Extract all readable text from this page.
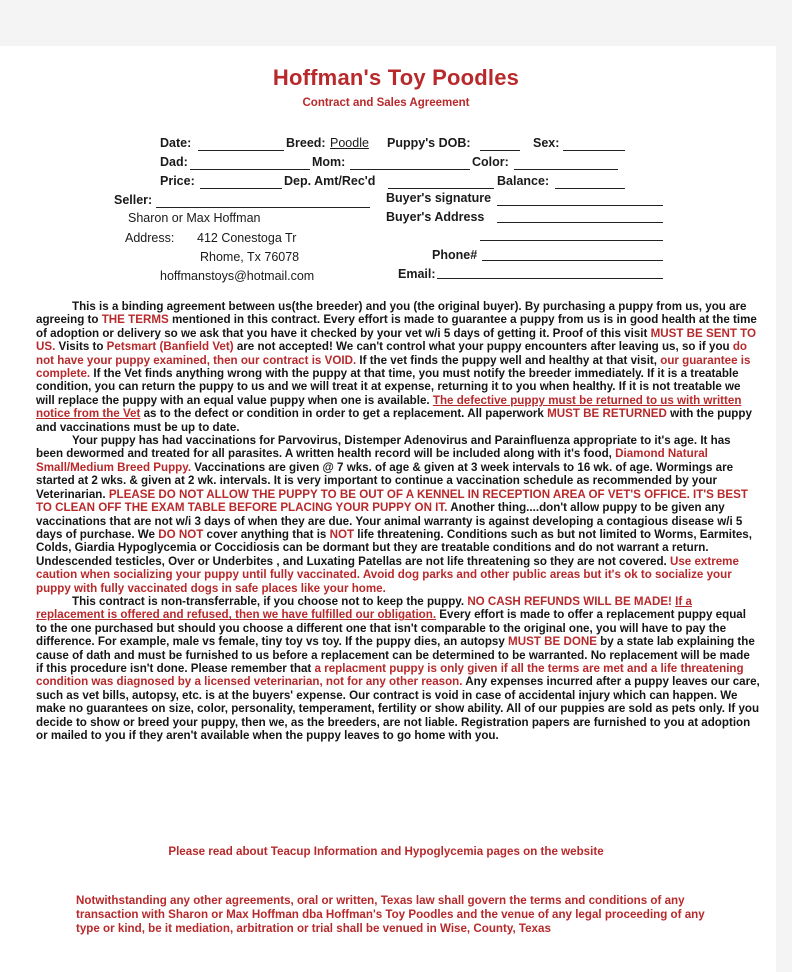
Hoffman's Toy Poodles
Contract and Sales Agreement
Date:	Breed: Poodle Puppy's DOB:	Sex:
Dad:	Mom:	Color:
Price:	Dep. Amt/Rec'd	Balance:
Seller:	Buyer's signature
Sharon or Max Hoffman	Buyer's Address
Address: 412 Conestoga Tr
Rhome, Tx 76078	Phone#
hoffmanstoys@hotmail.com	Email:

This is a binding agreement between us(the breeder) and you (the original buyer). By purchasing a puppy from us, you are agreeing to THE TERMS mentioned in this contract. Every effort is made to guarantee a puppy from us is in good health at the time of adoption or delivery so we ask that you have it checked by your vet w/i 5 days of getting it. Proof of this visit MUST BE SENT TO US. Visits to Petsmart (Banfield Vet) are not accepted! We can't control what your puppy encounters after leaving us, so if you do not have your puppy examined, then our contract is VOID. If the vet finds the puppy well and healthy at that visit, our guarantee is complete. If the Vet finds anything wrong with the puppy at that time, you must notify the breeder immediately. If it is a treatable condition, you can return the puppy to us and we will treat it at expense, returning it to you when healthy. If it is not treatable we will replace the puppy with an equal value puppy when one is available. The defective puppy must be returned to us with written notice from the Vet as to the defect or condition in order to get a replacement. All paperwork MUST BE RETURNED with the puppy and vaccinations must be up to date.

Your puppy has had vaccinations for Parvovirus, Distemper Adenovirus and Parainfluenza appropriate to it's age. It has been dewormed and treated for all parasites. A written health record will be included along with it's food, Diamond Natural Small/Medium Breed Puppy. Vaccinations are given @ 7 wks. of age & given at 3 week intervals to 16 wk. of age. Wormings are started at 2 wks. & given at 2 wk. intervals. It is very important to continue a vaccination schedule as recommended by your Veterinarian. PLEASE DO NOT ALLOW THE PUPPY TO BE OUT OF A KENNEL IN RECEPTION AREA OF VET'S OFFICE. IT'S BEST TO CLEAN OFF THE EXAM TABLE BEFORE PLACING YOUR PUPPY ON IT. Another thing....don't allow puppy to be given any vaccinations that are not w/i 3 days of when they are due. Your animal warranty is against developing a contagious disease w/i 5 days of purchase. We DO NOT cover anything that is NOT life threatening. Conditions such as but not limited to Worms, Earmites, Colds, Giardia Hypoglycemia or Coccidiosis can be dormant but they are treatable conditions and do not warrant a return. Undescended testicles, Over or Underbites , and Luxating Patellas are not life threatening so they are not covered. Use extreme caution when socializing your puppy until fully vaccinated. Avoid dog parks and other public areas but it's ok to socialize your puppy with fully vaccinated dogs in safe places like your home.

This contract is non-transferrable, if you choose not to keep the puppy. NO CASH REFUNDS WILL BE MADE! If a replacement is offered and refused, then we have fulfilled our obligation. Every effort is made to offer a replacement puppy equal to the one purchased but should you choose a different one that isn't comparable to the original one, you will have to pay the difference. For example, male vs female, tiny toy vs toy. If the puppy dies, an autopsy MUST BE DONE by a state lab explaining the cause of dath and must be furnished to us before a replacement can be determined to be warranted. No replacement will be made if this procedure isn't done. Please remember that a replacment puppy is only given if all the terms are met and a life threatening condition was diagnosed by a licensed veterinarian, not for any other reason. Any expenses incurred after a puppy leaves our care, such as vet bills, autopsy, etc. is at the buyers' expense. Our contract is void in case of accidental injury which can happen. We make no guarantees on size, color, personality, temperament, fertility or show ability. All of our puppies are sold as pets only. If you decide to show or breed your puppy, then we, as the breeders, are not liable. Registration papers are furnished to you at adoption or mailed to you if they aren't available when the puppy leaves to go home with you.

Please read about Teacup Information and Hypoglycemia pages on the website
Notwithstanding any other agreements, oral or written, Texas law shall govern the terms and conditions of any transaction with Sharon or Max Hoffman dba Hoffman's Toy Poodles and the venue of any legal proceeding of any type or kind, be it mediation, arbitration or trial shall be venued in Wise, County, Texas
